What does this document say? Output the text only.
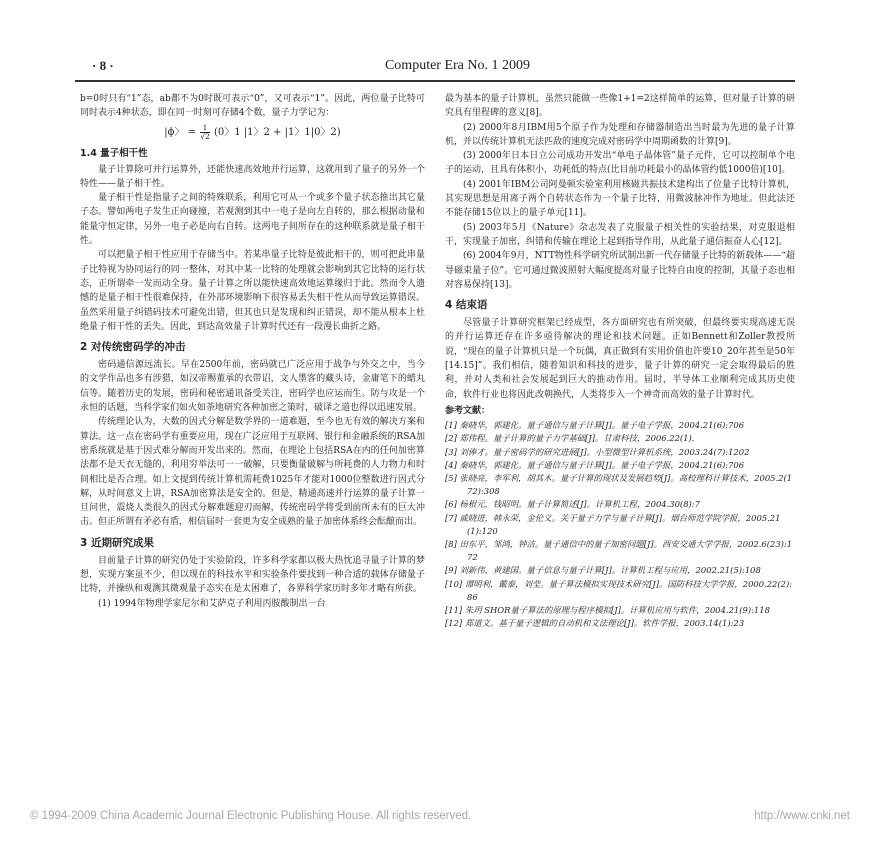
· 8 ·	Computer Era No. 1 2009

b=0时只有“1”态，ab都不为0时既可表示“0”，又可表示“1”。因此，两位量子比特可同时表示4种状态，即在同一时刻可存储4个数，量子力学记为：

|ϕ〉 = $\frac{1}{√2} (0$〉1 |1〉2 + |1〉1|0〉2)
1.4 量子相干性

量子计算除可并行运算外，还能快速高效地并行运算，这就用到了量子的另外一个特性——量子相干性。

量子相干性是指量子之间的特殊联系，利用它可从一个或多个量子状态推出其它量子态。譬如两电子发生正向碰撞，若观测到其中一电子是向左自转的，那么根据动量和能量守恒定律，另外一电子必是向右自转。这两电子间所存在的这种联系就是量子相干性。

可以把量子相干性应用于存储当中。若某串量子比特是彼此相干的，则可把此串量子比特视为协同运行的同一整体，对其中某一比特的处理就会影响到其它比特的运行状态，正所谓牵一发而动全身。量子计算之所以能快速高效地运算缘归于此。然而令人遗憾的是量子相干性很难保持，在外部环境影响下很容易丢失相干性从而导致运算错误。虽然采用量子纠错码技术可避免出错，但其也只是发现和纠正错误，却不能从根本上杜绝量子相干性的丢失。因此，到达高效量子计算时代还有一段漫长曲折之路。

2 对传统密码学的冲击

密码通信源远流长。早在2500年前，密码就已广泛应用于战争与外交之中，当今的文学作品也多有涉猎，如汉帝赐董承的衣带诏，文人墨客的藏头诗，金庸笔下的蜡丸信等。随着历史的发展，密码和秘密通讯备受关注，密码学也应运而生。防与攻是一个永恒的话题，当科学家们如火如荼地研究各种加密之策时，破译之道也得以迅速发展。

传统理论认为，大数的因式分解是数学界的一道难题，至今也无有效的解决方案和算法。这一点在密码学有重要应用，现在广泛应用于互联网、银行和金融系统的RSA加密系统就是基于因式难分解而开发出来的。然而，在理论上包括RSA在内的任何加密算法都不是天衣无缝的，利用穷举法可一一破解，只要衡量破解与所耗费的人力物力和时间相比是否合理。如上文提到传统计算机需耗费1025年才能对1000位整数进行因式分解，从时间意义上讲，RSA加密算法是安全的。但是，精通高速并行运算的量子计算一旦问世，震烧人类很久的因式分解难题迎刃而解，传统密码学将受到前所未有的巨大冲击。但正所谓有矛必有盾，相信届时一套更为安全成熟的量子加密体系终会酝酿而出。

3 近期研究成果

目前量子计算的研究仍处于实验阶段，许多科学家都以极大热忱追寻量子计算的梦想，实现方案虽不少，但以现在的科技水平和实验条件要找到一种合适的载体存储量子比特，并操纵和观测其微观量子态实在是太困难了，各界科学家历时多年才略有所获。

(1) 1994年物理学家尼尔和艾萨克子利用丙胺酸制出一台

最为基本的量子计算机，虽然只能做一些像1+1=2这样简单的运算，但对量子计算的研究具有里程碑的意义[8]。

(2) 2000年8月IBM用5个原子作为处理和存储器制造出当时最为先进的量子计算机，并以传统计算机无法匹敌的速度完成对密码学中周期函数的计算[9]。

(3) 2000年日本日立公司成功开发出“单电子晶体管”量子元件，它可以控制单个电子的运动，且具有体积小，功耗低的特点(比目前功耗最小的晶体管约低1000倍)[10]。

(4) 2001年IBM公司阿曼顿实验室利用核磁共振技术建构出了位量子比特计算机，其实现思想是用离子两个自转状态作为一个量子比特，用微波脉冲作为地址。但此法还不能存储15位以上的量子单元[11]。

(5) 2003年5月《Nature》杂志发表了克服量子相关性的实验结果，对克服退相干，实现量子加密，纠错和传输在理论上起到指导作用，从此量子通信振奋人心[12]。

(6) 2004年9月，NTT物性科学研究所试制出新一代存储量子比特的新载体——“超导磁束量子位”。它可通过微波照射大幅度提高对量子比特自由度的控制，其量子态也相对容易保持[13]。

4 结束语

尽管量子计算研究框架已经成型，各方面研究也有所突破，但最终要实现高速无误的并行运算还存在许多亟待解决的理论和技术问题。正如Bennett和Zoller教授所说，“现在的量子计算机只是一个玩偶，真正做到有实用价值也许要10_20年甚至是50年[14.15]”。我们相信，随着知识和科技的进步，量子计算的研究一定会取得最后的胜利，并对人类和社会发展起到巨大的推动作用。届时，半导体工业顺利完成其历史使命，软件行业也将因此改朝换代，人类将步入一个神奇而高效的量子计算时代。

参考文献：

[1] 秦晓华，郭建化。量子通信与量子计算[J]。量子电子学报，2004.21(6):706

[2] 郑伟程。量子计算的量子力学基础[J]。甘肃科技，2006.22(1).

[3] 刘俸才。量子密码学的研究进展[J]。小型微型计算机系统，2003.24(7):1202

[4] 秦晓华，郭建化。量子通信与量子计算[J]。量子电子学报，2004.21(6):706

[5] 张晓亮，李军利，胡其木。量子计算的现状及发展趋势[J]。高校理科计算技术，2005.2(172):308

[6] 杨根元，钱昭明。量子计算简述[J]。计算机工程，2004.30(8):7

[7] 戚晓进，韩永荣，金伦义。关于量子力学与量子计算[J]。烟台师范学院学报，2005.21(1):120

[8] 田东平，邹鸿，钟洁。量子通信中的量子加密问题[J]。西安交通大学学报，2002.6(23):172

[9] 刘新伟，黄建国。量子信息与量子计算[J]。计算机工程与应用，2002.21(5):108

[10] 谭明利，戴泰，刘莹。量子算法模拟实现技术研究[J]。国防科技大学学报，2000.22(2):86

[11] 朱玥 SHOR量子算法的原理与程序模拟[J]。计算机应用与软件，2004.21(9):118

[12] 郑道文。基于量子逻辑的自动机和文法理论[J]。软件学报，2003.14(1):23

© 1994-2009 China Academic Journal Electronic Publishing House. All rights reserved.	http://www.cnki.net
